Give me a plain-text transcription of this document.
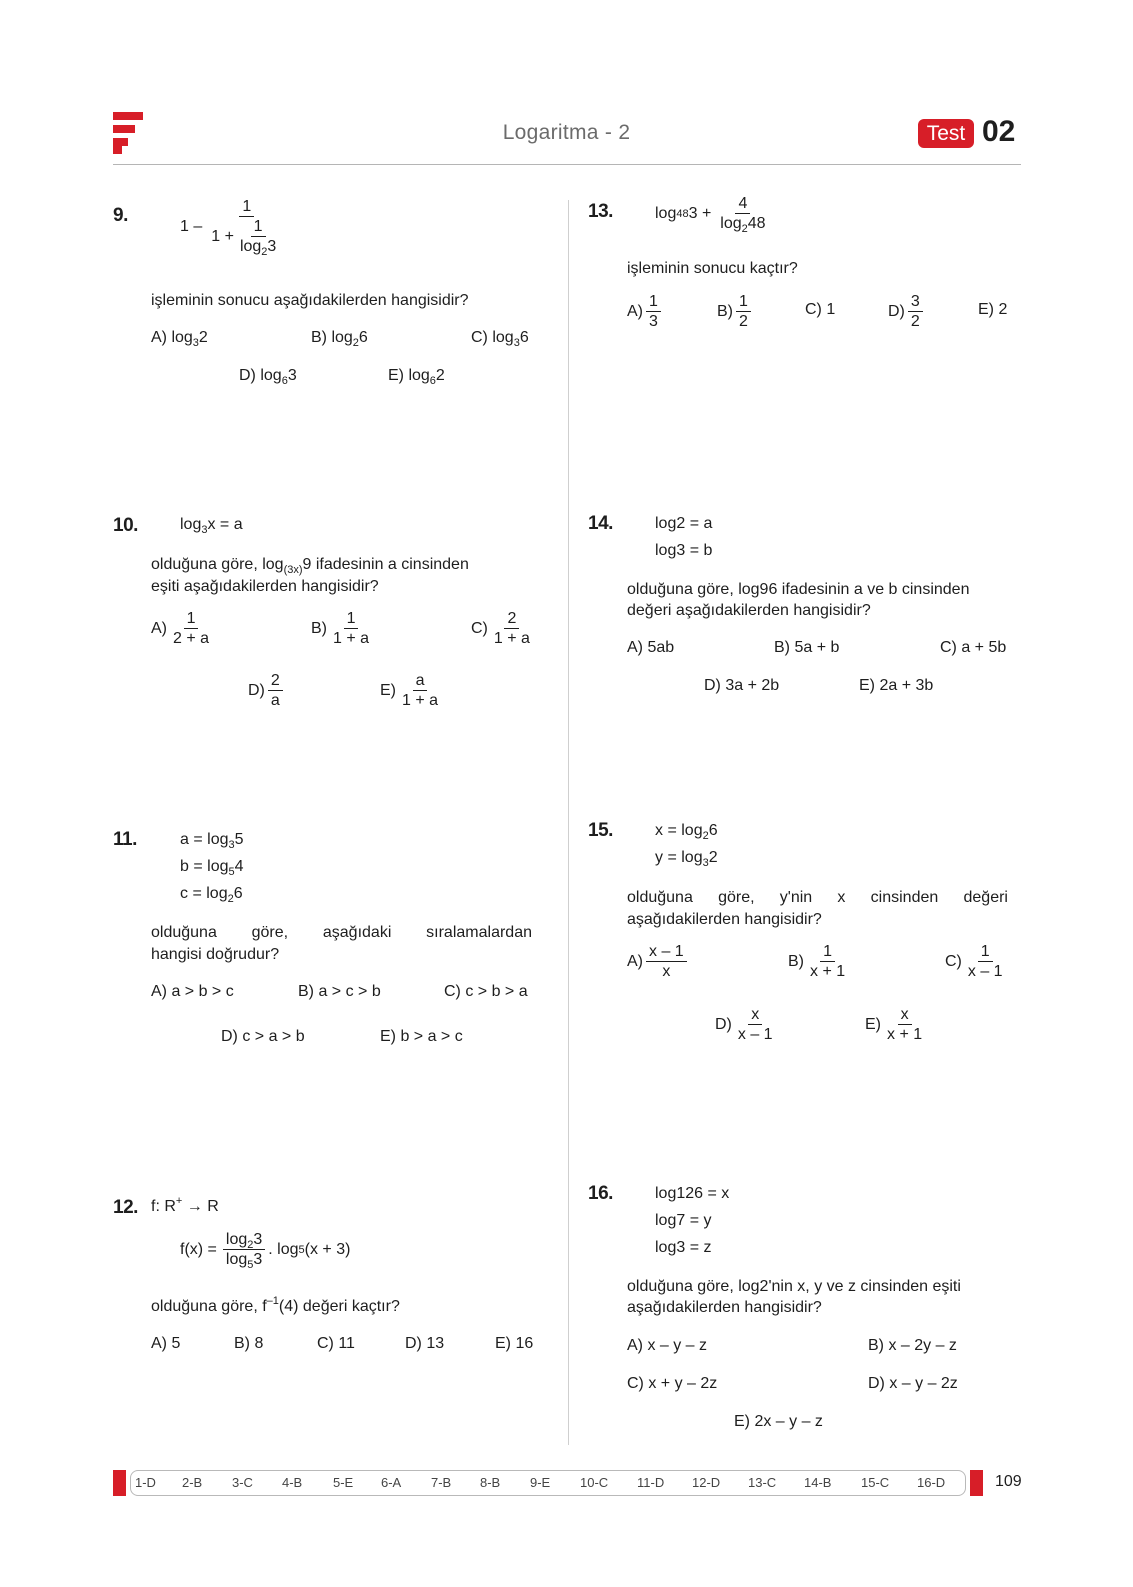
Logaritma - 2	Test 02
9.	$1 - \frac{1}{1 + \frac{1}{\log_23}}$
işleminin sonucu aşağıdakilerden hangisidir?
A) $\log_32$	B) $\log_26$	C) $\log_36$
D) $\log_63$	E) $\log_62$
10.	$\log_3x = a$
olduğuna göre, $\log_{(3x)}9$ ifadesinin a cinsinden
eşiti aşağıdakilerden hangisidir?
$A) \frac{1}{2 + a}$	$B) \frac{1}{1 + a}$	$C) \frac{2}{1 + a}$
$D) \frac{2}{a}$	$E) \frac{a}{1 + a}$
11.	$a = \log_35$
$b = \log_54$
$c = \log_26$
olduğuna göre, aşağıdaki sıralamalardan
hangisi doğrudur?
A) a > b > c	B) a > c > b	C) c > b > a
D) c > a > b	E) b > a > c
12. f: R+ → R
$f(x) = \frac{\log_23}{\log_53}$ . log 5 (x + 3)
olduğuna göre, $f^{-1}(4)$ değeri kaçtır?
A) 5	B) 8	C) 11	D) 13	E) 16
13.	log 48 $3 + \frac{4}{\log_248}$
işleminin sonucu kaçtır?
$A) \frac{1}{3}$	$B) \frac{1}{2}$	C) 1	$D) \frac{3}{2}$	E) 2
14.	log2 = a
log3 = b
olduğuna göre, log96 ifadesinin a ve b cinsinden
değeri aşağıdakilerden hangisidir?
A) 5ab	B) 5a + b	C) a + 5b
D) 3a + 2b	E) 2a + 3b
15.	$x = \log_26$
$y = \log_32$
olduğuna göre, y'nin x cinsinden değeri
aşağıdakilerden hangisidir?
$A) \frac{x - 1}{x}$	$B) \frac{1}{x + 1}$	$C) \frac{1}{x - 1}$
$D) \frac{x}{x - 1}$	$E) \frac{x}{x + 1}$
16.	log126 = x
log7 = y
log3 = z
olduğuna göre, log2'nin x, y ve z cinsinden eşiti
aşağıdakilerden hangisidir?
A) x – y – z	B) x – 2y – z
C) x + y – 2z	D) x – y – 2z
E) 2x – y – z
1-D 2-B 3-C 4-B 5-E 6-A 7-B 8-B 9-E 10-C 11-D 12-D 13-C 14-B 15-C 16-D	109
